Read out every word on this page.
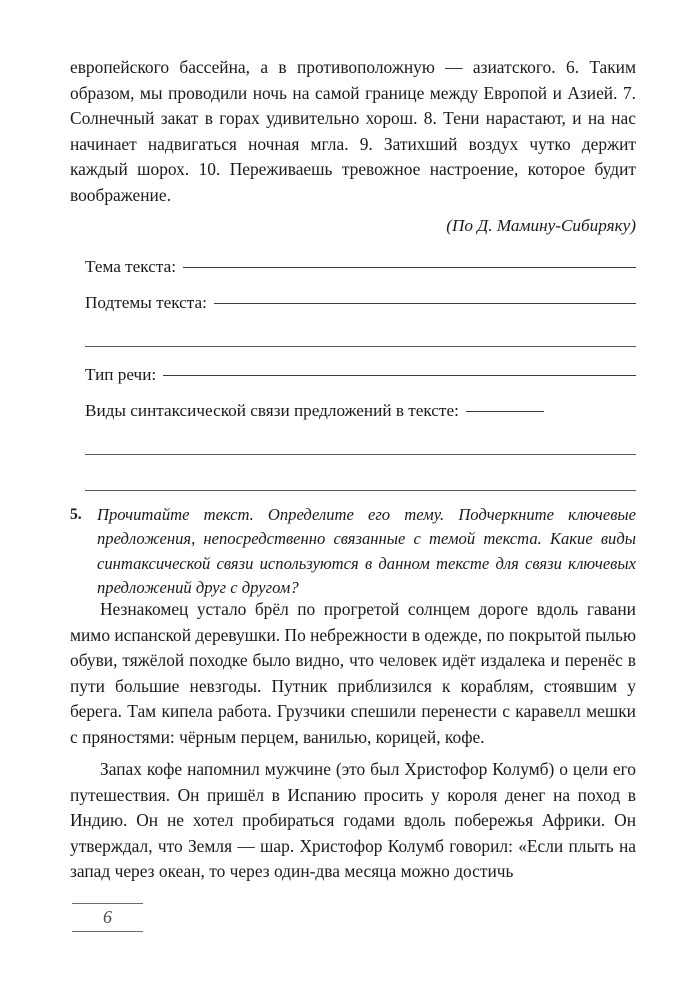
европейского бассейна, а в противоположную — азиатского. 6. Таким образом, мы проводили ночь на самой границе между Европой и Азией. 7. Солнечный закат в горах удивительно хорош. 8. Тени нарастают, и на нас начинает надвигаться ночная мгла. 9. Затихший воздух чутко держит каждый шорох. 10. Переживаешь тревожное настроение, которое будит воображение.

(По Д. Мамину-Сибиряку)

Тема текста:
Подтемы текста:
Тип речи:
Виды синтаксической связи предложений в тексте:
5. Прочитайте текст. Определите его тему. Подчеркните ключевые предложения, непосредственно связанные с темой текста. Какие виды синтаксической связи используются в данном тексте для связи ключевых предложений друг с другом?

Незнакомец устало брёл по прогретой солнцем дороге вдоль гавани мимо испанской деревушки. По небрежности в одежде, по покрытой пылью обуви, тяжёлой походке было видно, что человек идёт издалека и перенёс в пути большие невзгоды. Путник приблизился к кораблям, стоявшим у берега. Там кипела работа. Грузчики спешили перенести с каравелл мешки с пряностями: чёрным перцем, ванилью, корицей, кофе.

Запах кофе напомнил мужчине (это был Христофор Колумб) о цели его путешествия. Он пришёл в Испанию просить у короля денег на поход в Индию. Он не хотел пробираться годами вдоль побережья Африки. Он утверждал, что Земля — шар. Христофор Колумб говорил: «Если плыть на запад через океан, то через один-два месяца можно достичь

6
